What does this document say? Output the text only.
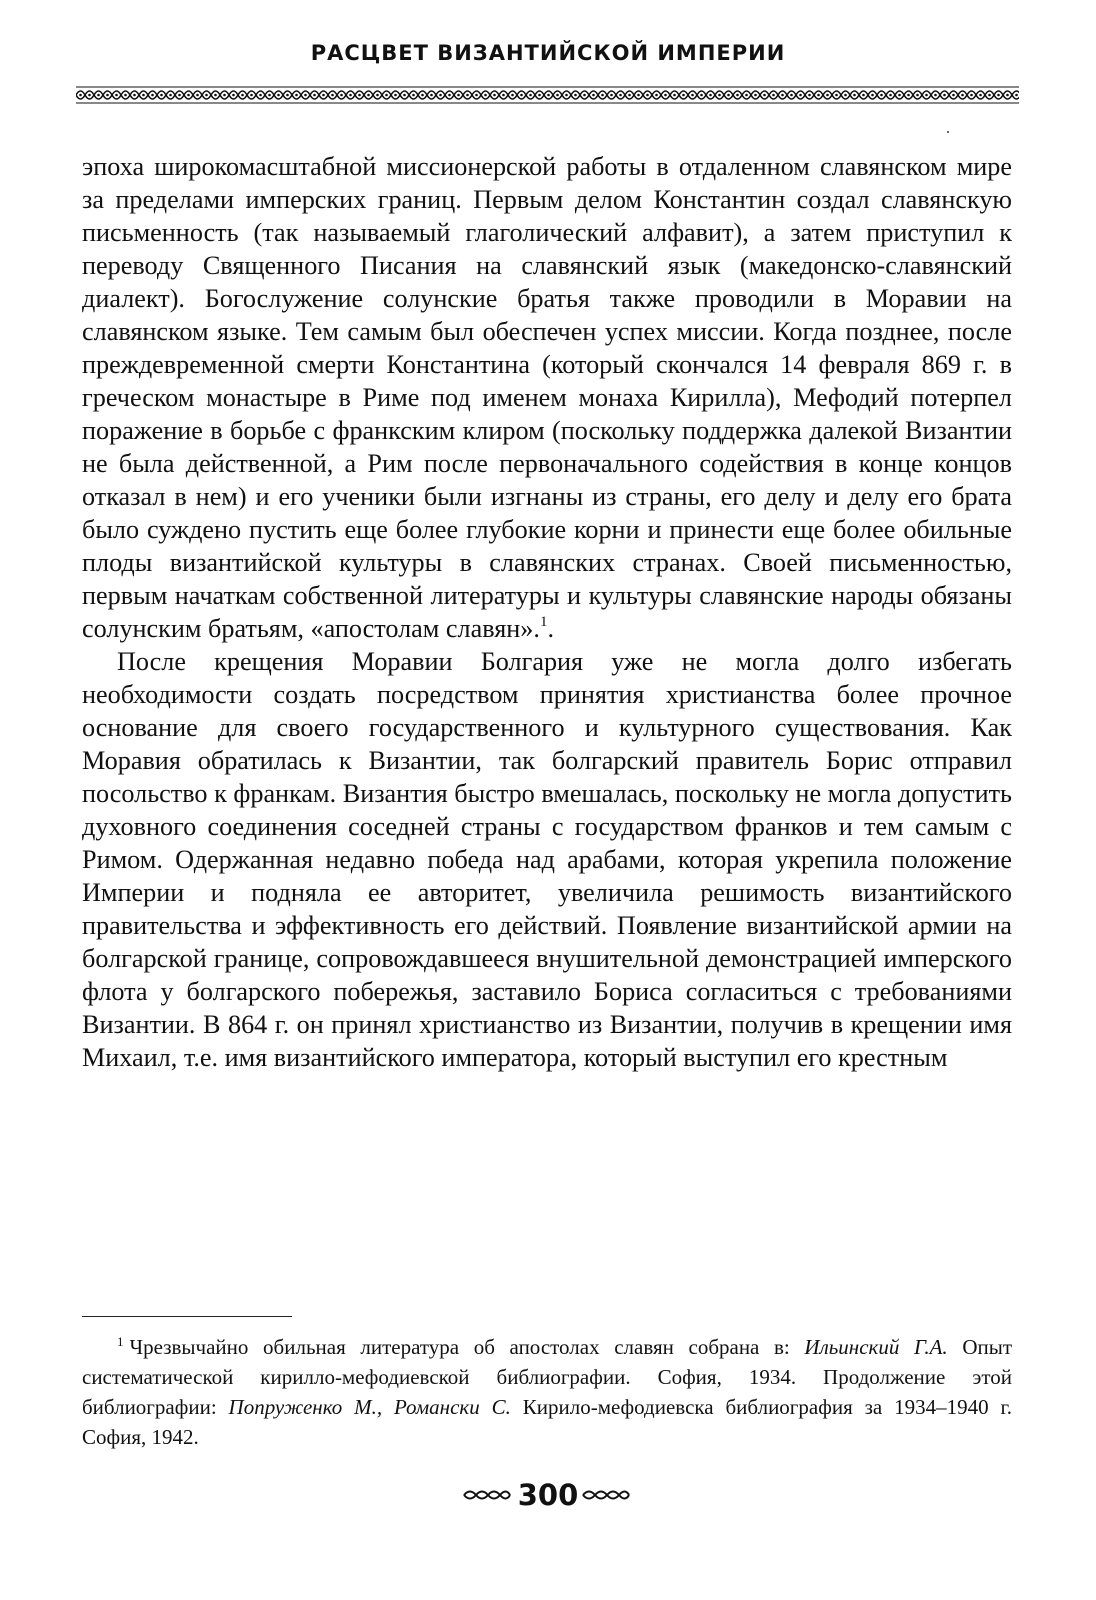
РАСЦВЕТ ВИЗАНТИЙСКОЙ ИМПЕРИИ

эпоха широкомасштабной миссионерской работы в отдаленном славянском мире за пределами имперских границ. Первым делом Константин создал славянскую письменность (так называемый глаголический алфавит), а затем приступил к переводу Священного Писания на славянский язык (македонско-славянский диалект). Богослужение солунские братья также проводили в Моравии на славянском языке. Тем самым был обеспечен успех миссии. Когда позднее, после преждевременной смерти Константина (который скончался 14 февраля 869 г. в греческом монастыре в Риме под именем монаха Кирилла), Мефодий потерпел поражение в борьбе с франкским клиром (поскольку поддержка далекой Византии не была действенной, а Рим после первоначального содействия в конце концов отказал в нем) и его ученики были изгнаны из страны, его делу и делу его брата было суждено пустить еще более глубокие корни и принести еще более обильные плоды византийской культуры в славянских странах. Своей письменностью, первым начаткам собственной литературы и культуры славянские народы обязаны солунским братьям, «апостолам славян».$^1$.

После крещения Моравии Болгария уже не могла долго избегать необходимости создать посредством принятия христианства более прочное основание для своего государственного и культурного существования. Как Моравия обратилась к Византии, так болгарский правитель Борис отправил посольство к франкам. Византия быстро вмешалась, поскольку не могла допустить духовного соединения соседней страны с государством франков и тем самым с Римом. Одержанная недавно победа над арабами, которая укрепила положение Империи и подняла ее авторитет, увеличила решимость византийского правительства и эффективность его действий. Появление византийской армии на болгарской границе, сопровождавшееся внушительной демонстрацией имперского флота у болгарского побережья, заставило Бориса согласиться с требованиями Византии. В 864 г. он принял христианство из Византии, получив в крещении имя Михаил, т.е. имя византийского императора, который выступил его крестным

$^1$ Чрезвычайно обильная литература об апостолах славян собрана в: Ильинский Г.А. Опыт систематической кирилло-мефодиевской библиографии. София, 1934. Продолжение этой библиографии: Попруженко М., Романски С. Кирило-мефодиевска библиография за 1934–1940 г. София, 1942.

300
